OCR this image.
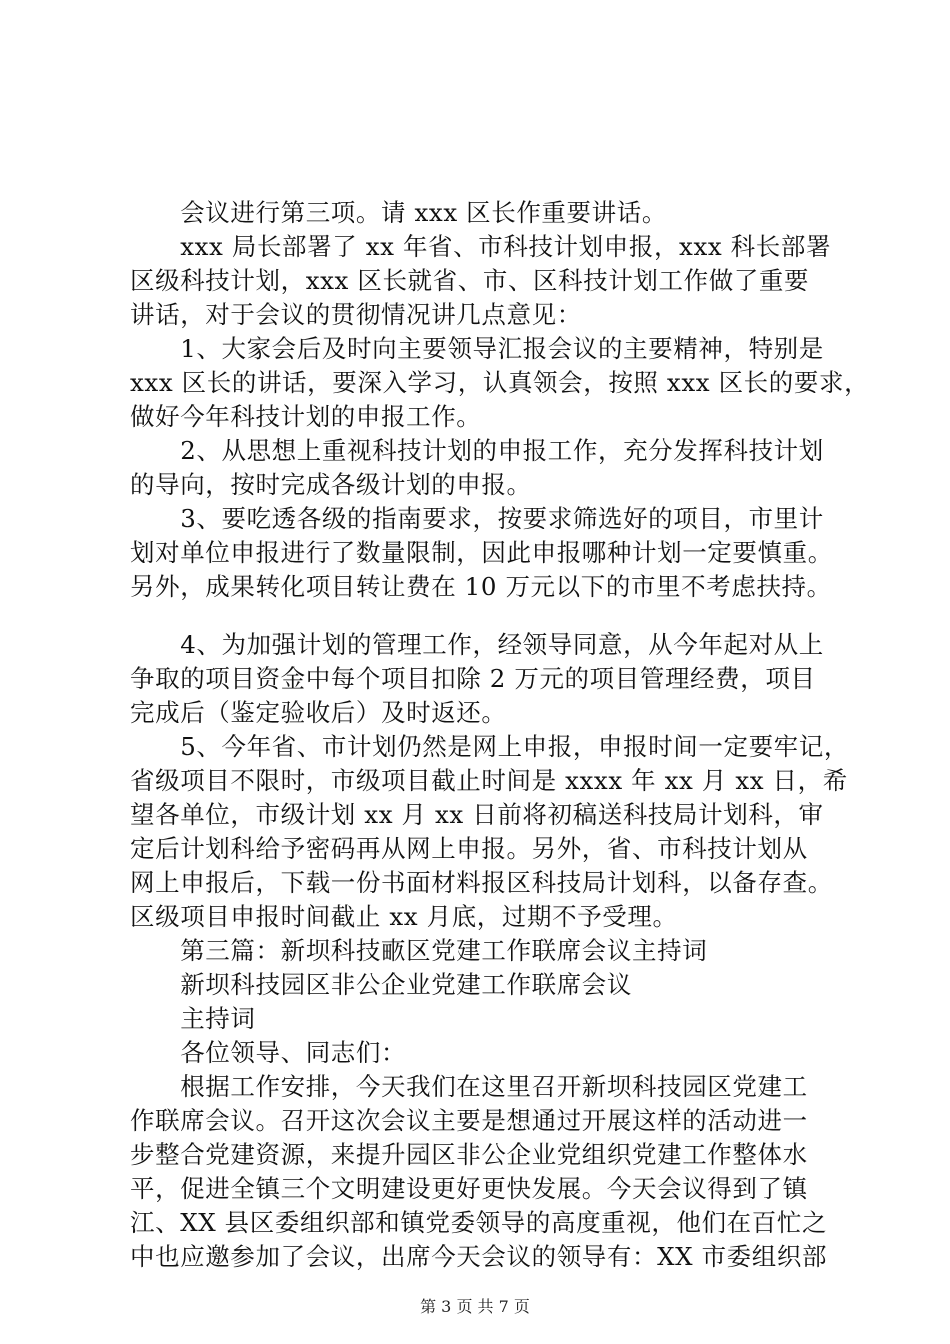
　　会议进行第三项。请 xxx 区长作重要讲话。
　　xxx 局长部署了 xx 年省、市科技计划申报，xxx 科长部署
区级科技计划，xxx 区长就省、市、区科技计划工作做了重要
讲话，对于会议的贯彻情况讲几点意见：
　　1、大家会后及时向主要领导汇报会议的主要精神，特别是
xxx 区长的讲话，要深入学习，认真领会，按照 xxx 区长的要求，
做好今年科技计划的申报工作。
　　2、从思想上重视科技计划的申报工作，充分发挥科技计划
的导向，按时完成各级计划的申报。
　　3、要吃透各级的指南要求，按要求筛选好的项目，市里计
划对单位申报进行了数量限制，因此申报哪种计划一定要慎重。
另外，成果转化项目转让费在 10 万元以下的市里不考虑扶持。
　　4、为加强计划的管理工作，经领导同意，从今年起对从上
争取的项目资金中每个项目扣除 2 万元的项目管理经费，项目
完成后（鉴定验收后）及时返还。
　　5、今年省、市计划仍然是网上申报，申报时间一定要牢记，
省级项目不限时，市级项目截止时间是 xxxx 年 xx 月 xx 日，希
望各单位，市级计划 xx 月 xx 日前将初稿送科技局计划科，审
定后计划科给予密码再从网上申报。另外，省、市科技计划从
网上申报后，下载一份书面材料报区科技局计划科，以备存查。
区级项目申报时间截止 xx 月底，过期不予受理。
　　第三篇：新坝科技畞区党建工作联席会议主持词
　　新坝科技园区非公企业党建工作联席会议
　　主持词
　　各位领导、同志们：
　　根据工作安排，今天我们在这里召开新坝科技园区党建工
作联席会议。召开这次会议主要是想通过开展这样的活动进一
步整合党建资源，来提升园区非公企业党组织党建工作整体水
平，促进全镇三个文明建设更好更快发展。今天会议得到了镇
江、XX 县区委组织部和镇党委领导的高度重视，他们在百忙之
中也应邀参加了会议，出席今天会议的领导有：XX 市委组织部
第 3 页 共 7 页
